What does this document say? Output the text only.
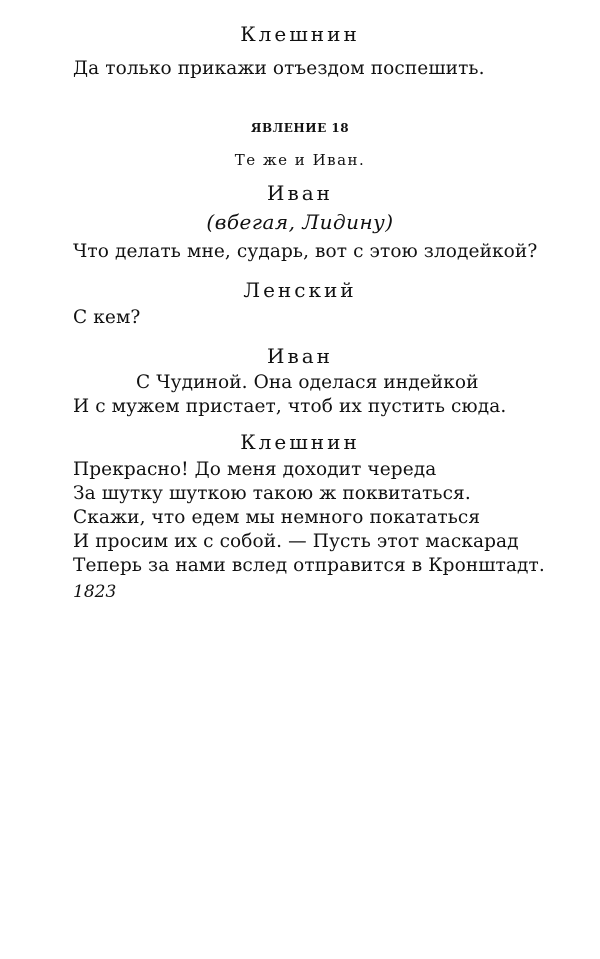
Клешнин
Да только прикажи отъездом поспешить.
ЯВЛЕНИЕ 18
Те же и Иван.
Иван
(вбегая, Лидину)
Что делать мне, сударь, вот с этою злодейкой?
Ленский
С кем?
Иван
С Чудиной. Она оделася индейкой
И с мужем пристает, чтоб их пустить сюда.
Клешнин
Прекрасно! До меня доходит череда
За шутку шуткою такою ж поквитаться.
Скажи, что едем мы немного покататься
И просим их с собой. — Пусть этот маскарад
Теперь за нами вслед отправится в Кронштадт.
1823
